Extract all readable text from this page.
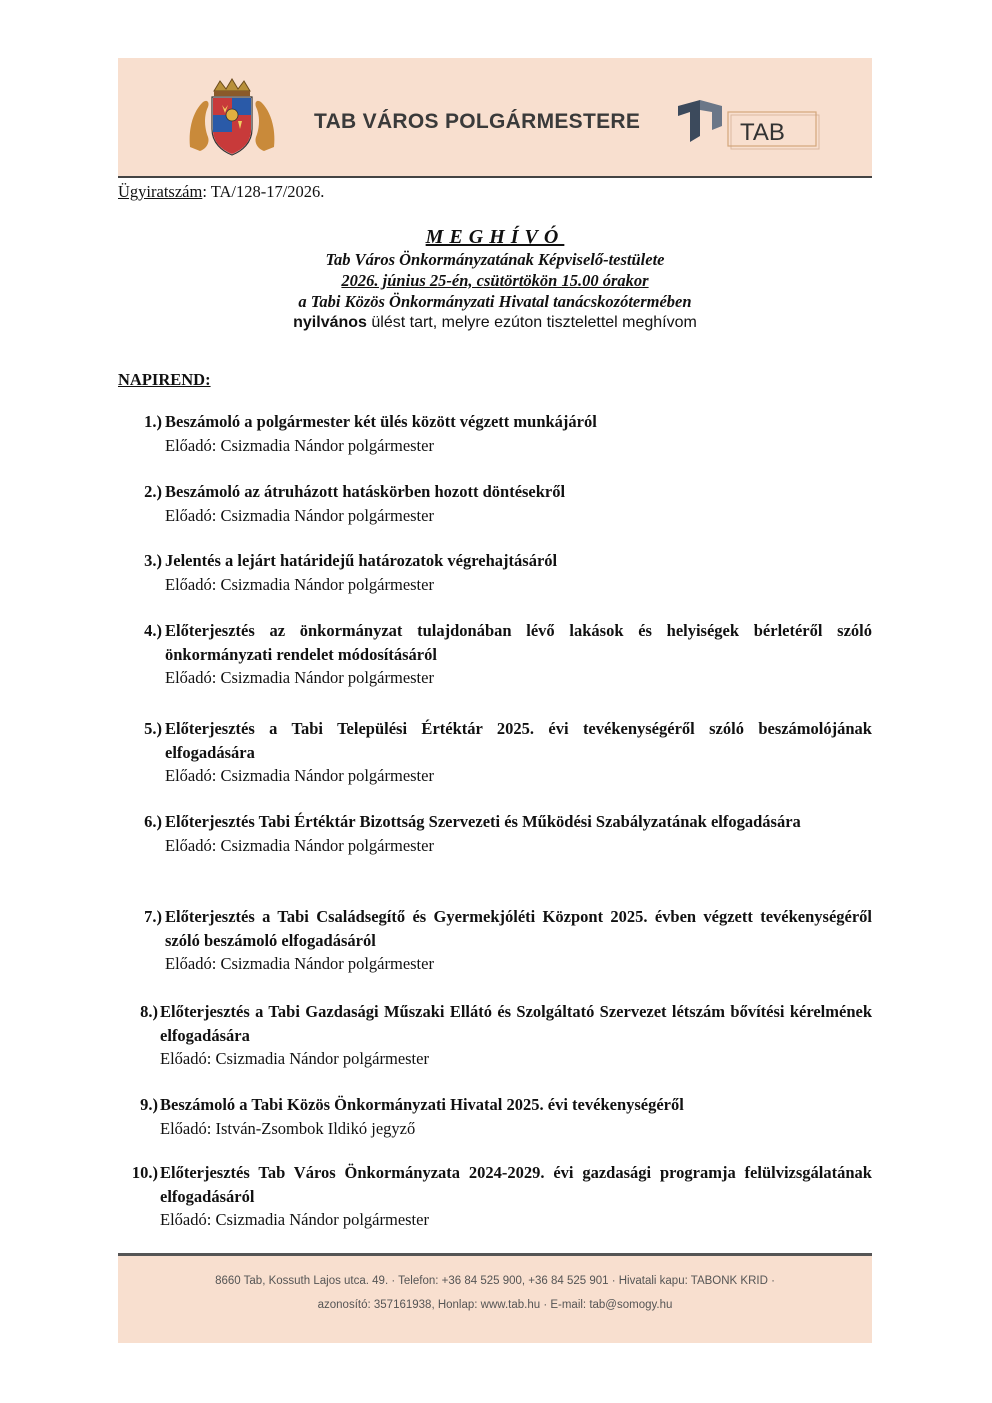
TAB VÁROS POLGÁRMESTERE	TAB
Ügyiratszám: TA/128-17/2026.
MEGHÍVÓ
Tab Város Önkormányzatának Képviselő-testülete
2026. június 25-én, csütörtökön 15.00 órakor
a Tabi Közös Önkormányzati Hivatal tanácskozótermében
nyilvános ülést tart, melyre ezúton tisztelettel meghívom
NAPIREND:
1.) Beszámoló a polgármester két ülés között végzett munkájáról
Előadó: Csizmadia Nándor polgármester
2.) Beszámoló az átruházott hatáskörben hozott döntésekről
Előadó: Csizmadia Nándor polgármester
3.) Jelentés a lejárt határidejű határozatok végrehajtásáról
Előadó: Csizmadia Nándor polgármester
4.) Előterjesztés az önkormányzat tulajdonában lévő lakások és helyiségek bérletéről szóló önkormányzati rendelet módosításáról
Előadó: Csizmadia Nándor polgármester
5.) Előterjesztés a Tabi Települési Értéktár 2025. évi tevékenységéről szóló beszámolójának elfogadására
Előadó: Csizmadia Nándor polgármester
6.) Előterjesztés Tabi Értéktár Bizottság Szervezeti és Működési Szabályzatának elfogadására
Előadó: Csizmadia Nándor polgármester
7.) Előterjesztés a Tabi Családsegítő és Gyermekjóléti Központ 2025. évben végzett tevékenységéről szóló beszámoló elfogadásáról
Előadó: Csizmadia Nándor polgármester
8.) Előterjesztés a Tabi Gazdasági Műszaki Ellátó és Szolgáltató Szervezet létszám bővítési kérelmének elfogadására
Előadó: Csizmadia Nándor polgármester
9.) Beszámoló a Tabi Közös Önkormányzati Hivatal 2025. évi tevékenységéről
Előadó: István-Zsombok Ildikó jegyző
10.) Előterjesztés Tab Város Önkormányzata 2024-2029. évi gazdasági programja felülvizsgálatának elfogadásáról
Előadó: Csizmadia Nándor polgármester
8660 Tab, Kossuth Lajos utca. 49. · Telefon: +36 84 525 900, +36 84 525 901 · Hivatali kapu: TABONK KRID ·
azonosító: 357161938, Honlap: www.tab.hu · E-mail: tab@somogy.hu
